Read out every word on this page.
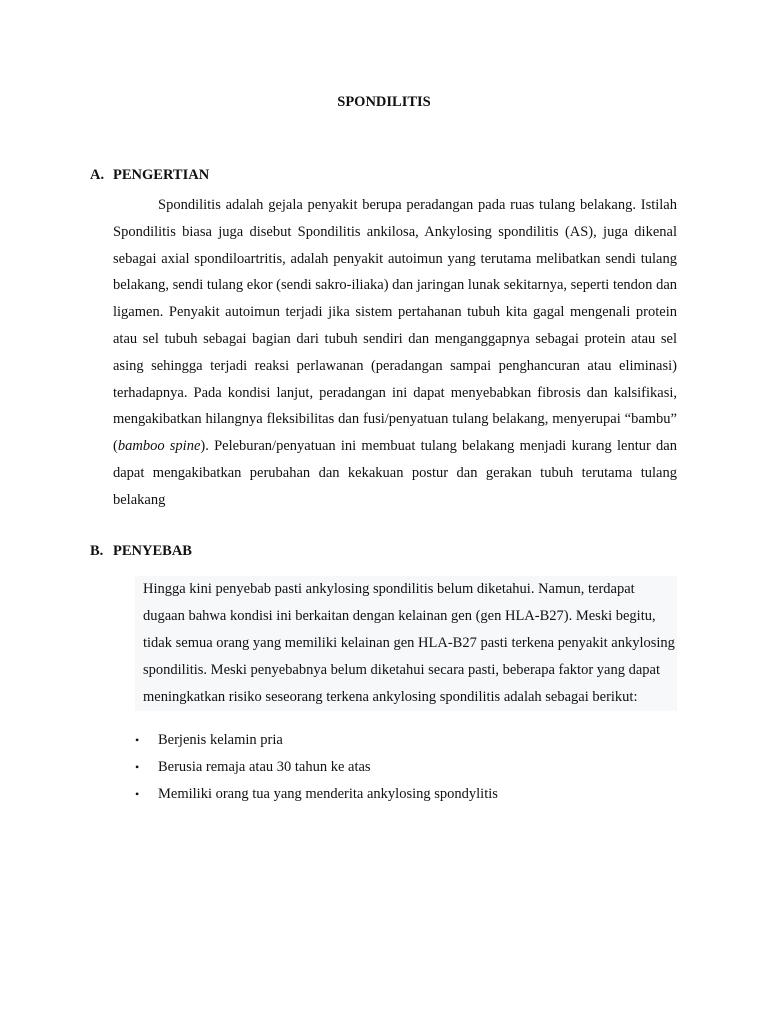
SPONDILITIS
A. PENGERTIAN
Spondilitis adalah gejala penyakit berupa peradangan pada ruas tulang belakang. Istilah Spondilitis biasa juga disebut Spondilitis ankilosa, Ankylosing spondilitis (AS), juga dikenal sebagai axial spondiloartritis, adalah penyakit autoimun yang terutama melibatkan sendi tulang belakang, sendi tulang ekor (sendi sakro-iliaka) dan jaringan lunak sekitarnya, seperti tendon dan ligamen. Penyakit autoimun terjadi jika sistem pertahanan tubuh kita gagal mengenali protein atau sel tubuh sebagai bagian dari tubuh sendiri dan menganggapnya sebagai protein atau sel asing sehingga terjadi reaksi perlawanan (peradangan sampai penghancuran atau eliminasi) terhadapnya. Pada kondisi lanjut, peradangan ini dapat menyebabkan fibrosis dan kalsifikasi, mengakibatkan hilangnya fleksibilitas dan fusi/penyatuan tulang belakang, menyerupai “bambu” (bamboo spine). Peleburan/penyatuan ini membuat tulang belakang menjadi kurang lentur dan dapat mengakibatkan perubahan dan kekakuan postur dan gerakan tubuh terutama tulang belakang
B. PENYEBAB
Hingga kini penyebab pasti ankylosing spondilitis belum diketahui. Namun, terdapat dugaan bahwa kondisi ini berkaitan dengan kelainan gen (gen HLA-B27). Meski begitu, tidak semua orang yang memiliki kelainan gen HLA-B27 pasti terkena penyakit ankylosing spondilitis. Meski penyebabnya belum diketahui secara pasti, beberapa faktor yang dapat meningkatkan risiko seseorang terkena ankylosing spondilitis adalah sebagai berikut:
• Berjenis kelamin pria
• Berusia remaja atau 30 tahun ke atas
• Memiliki orang tua yang menderita ankylosing spondylitis
